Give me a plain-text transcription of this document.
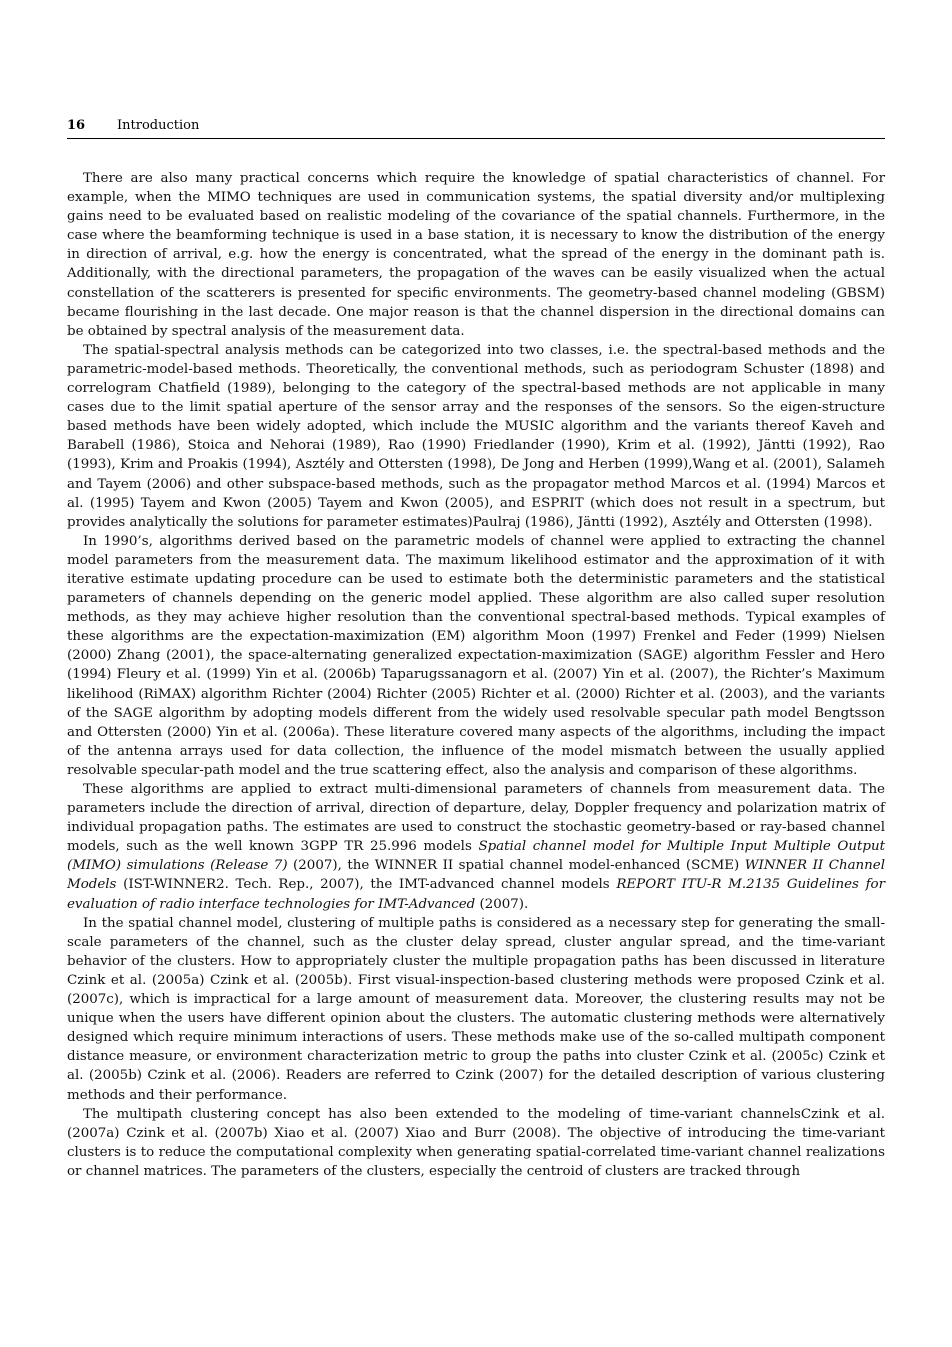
16 Introduction

There are also many practical concerns which require the knowledge of spatial characteristics of channel. For example, when the MIMO techniques are used in communication systems, the spatial diversity and/or multiplexing gains need to be evaluated based on realistic modeling of the covariance of the spatial channels. Furthermore, in the case where the beamforming technique is used in a base station, it is necessary to know the distribution of the energy in direction of arrival, e.g. how the energy is concentrated, what the spread of the energy in the dominant path is. Additionally, with the directional parameters, the propagation of the waves can be easily visualized when the actual constellation of the scatterers is presented for specific environments. The geometry-based channel modeling (GBSM) became flourishing in the last decade. One major reason is that the channel dispersion in the directional domains can be obtained by spectral analysis of the measurement data.

The spatial-spectral analysis methods can be categorized into two classes, i.e. the spectral-based methods and the parametric-model-based methods. Theoretically, the conventional methods, such as periodogram Schuster (1898) and correlogram Chatfield (1989), belonging to the category of the spectral-based methods are not applicable in many cases due to the limit spatial aperture of the sensor array and the responses of the sensors. So the eigen-structure based methods have been widely adopted, which include the MUSIC algorithm and the variants thereof Kaveh and Barabell (1986), Stoica and Nehorai (1989), Rao (1990) Friedlander (1990), Krim et al. (1992), Jäntti (1992), Rao (1993), Krim and Proakis (1994), Asztély and Ottersten (1998), De Jong and Herben (1999),Wang et al. (2001), Salameh and Tayem (2006) and other subspace-based methods, such as the propagator method Marcos et al. (1994) Marcos et al. (1995) Tayem and Kwon (2005) Tayem and Kwon (2005), and ESPRIT (which does not result in a spectrum, but provides analytically the solutions for parameter estimates)Paulraj (1986), Jäntti (1992), Asztély and Ottersten (1998).

In 1990’s, algorithms derived based on the parametric models of channel were applied to extracting the channel model parameters from the measurement data. The maximum likelihood estimator and the approximation of it with iterative estimate updating procedure can be used to estimate both the deterministic parameters and the statistical parameters of channels depending on the generic model applied. These algorithm are also called super resolution methods, as they may achieve higher resolution than the conventional spectral-based methods. Typical examples of these algorithms are the expectation-maximization (EM) algorithm Moon (1997) Frenkel and Feder (1999) Nielsen (2000) Zhang (2001), the space-alternating generalized expectation-maximization (SAGE) algorithm Fessler and Hero (1994) Fleury et al. (1999) Yin et al. (2006b) Taparugssanagorn et al. (2007) Yin et al. (2007), the Richter’s Maximum likelihood (RiMAX) algorithm Richter (2004) Richter (2005) Richter et al. (2000) Richter et al. (2003), and the variants of the SAGE algorithm by adopting models different from the widely used resolvable specular path model Bengtsson and Ottersten (2000) Yin et al. (2006a). These literature covered many aspects of the algorithms, including the impact of the antenna arrays used for data collection, the influence of the model mismatch between the usually applied resolvable specular-path model and the true scattering effect, also the analysis and comparison of these algorithms.

These algorithms are applied to extract multi-dimensional parameters of channels from measurement data. The parameters include the direction of arrival, direction of departure, delay, Doppler frequency and polarization matrix of individual propagation paths. The estimates are used to construct the stochastic geometry-based or ray-based channel models, such as the well known 3GPP TR 25.996 models Spatial channel model for Multiple Input Multiple Output (MIMO) simulations (Release 7) (2007), the WINNER II spatial channel model-enhanced (SCME) WINNER II Channel Models (IST-WINNER2. Tech. Rep., 2007), the IMT-advanced channel models REPORT ITU-R M.2135 Guidelines for evaluation of radio interface technologies for IMT-Advanced (2007).

In the spatial channel model, clustering of multiple paths is considered as a necessary step for generating the small-scale parameters of the channel, such as the cluster delay spread, cluster angular spread, and the time-variant behavior of the clusters. How to appropriately cluster the multiple propagation paths has been discussed in literature Czink et al. (2005a) Czink et al. (2005b). First visual-inspection-based clustering methods were proposed Czink et al. (2007c), which is impractical for a large amount of measurement data. Moreover, the clustering results may not be unique when the users have different opinion about the clusters. The automatic clustering methods were alternatively designed which require minimum interactions of users. These methods make use of the so-called multipath component distance measure, or environment characterization metric to group the paths into cluster Czink et al. (2005c) Czink et al. (2005b) Czink et al. (2006). Readers are referred to Czink (2007) for the detailed description of various clustering methods and their performance.

The multipath clustering concept has also been extended to the modeling of time-variant channelsCzink et al. (2007a) Czink et al. (2007b) Xiao et al. (2007) Xiao and Burr (2008). The objective of introducing the time-variant clusters is to reduce the computational complexity when generating spatial-correlated time-variant channel realizations or channel matrices. The parameters of the clusters, especially the centroid of clusters are tracked through
